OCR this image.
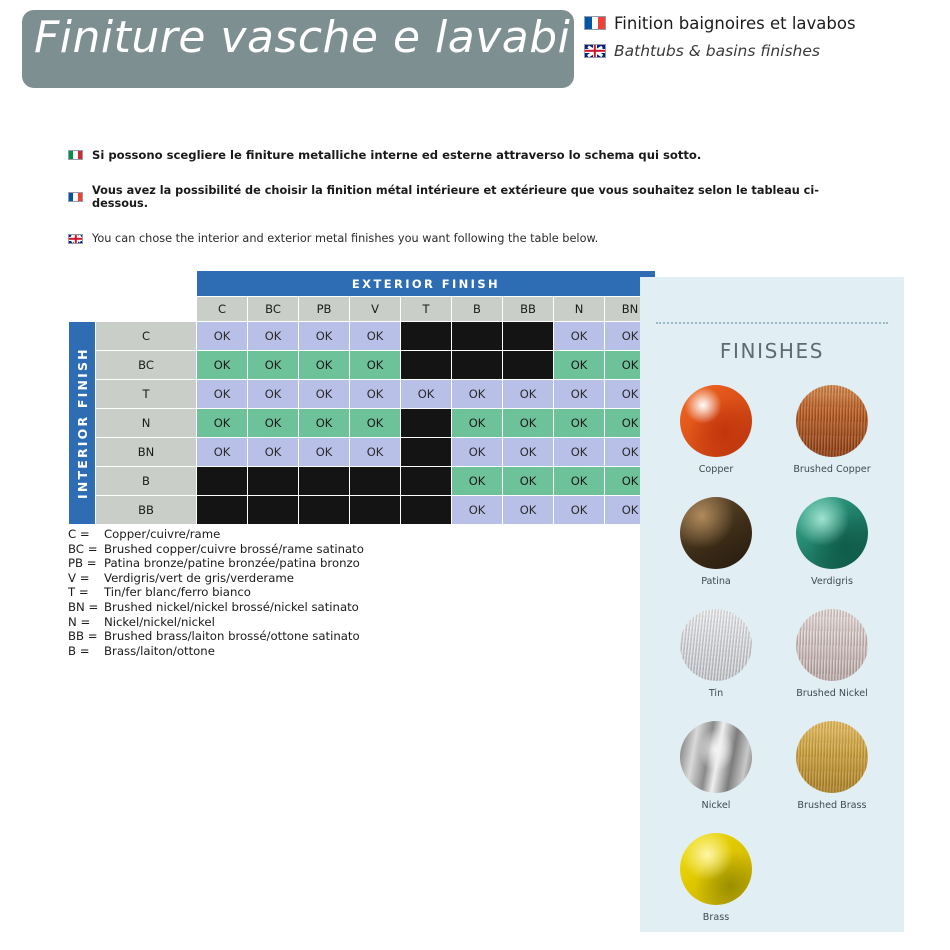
Finiture vasche e lavabi	Finition baignoires et lavabos
Bathtubs & basins finishes
Si possono scegliere le finiture metalliche interne ed esterne attraverso lo schema qui sotto.
Vous avez la possibilité de choisir la finition métal intérieure et extérieure que vous souhaitez selon le tableau ci-dessous.
You can chose the interior and exterior metal finishes you want following the table below.
		EXTERIOR FINISH								
		C	BC	PB	V	T	B	BB	N	BN

INTERIOR FINISH	C	OK	OK	OK	OK				OK	OK
	BC	OK	OK	OK	OK				OK	OK
	T	OK	OK	OK	OK	OK	OK	OK	OK	OK
	N	OK	OK	OK	OK		OK	OK	OK	OK
	BN	OK	OK	OK	OK		OK	OK	OK	OK
	B						OK	OK	OK	OK
	BB						OK	OK	OK	OK
C = Copper/cuivre/rame
BC = Brushed copper/cuivre brossé/rame satinato
PB = Patina bronze/patine bronzée/patina bronzo
V = Verdigris/vert de gris/verderame
T = Tin/fer blanc/ferro bianco
BN = Brushed nickel/nickel brossé/nickel satinato
N = Nickel/nickel/nickel
BB = Brushed brass/laiton brossé/ottone satinato
B = Brass/laiton/ottone
FINISHES
Copper	Brushed Copper
Patina	Verdigris
Tin	Brushed Nickel
Nickel	Brushed Brass
Brass
